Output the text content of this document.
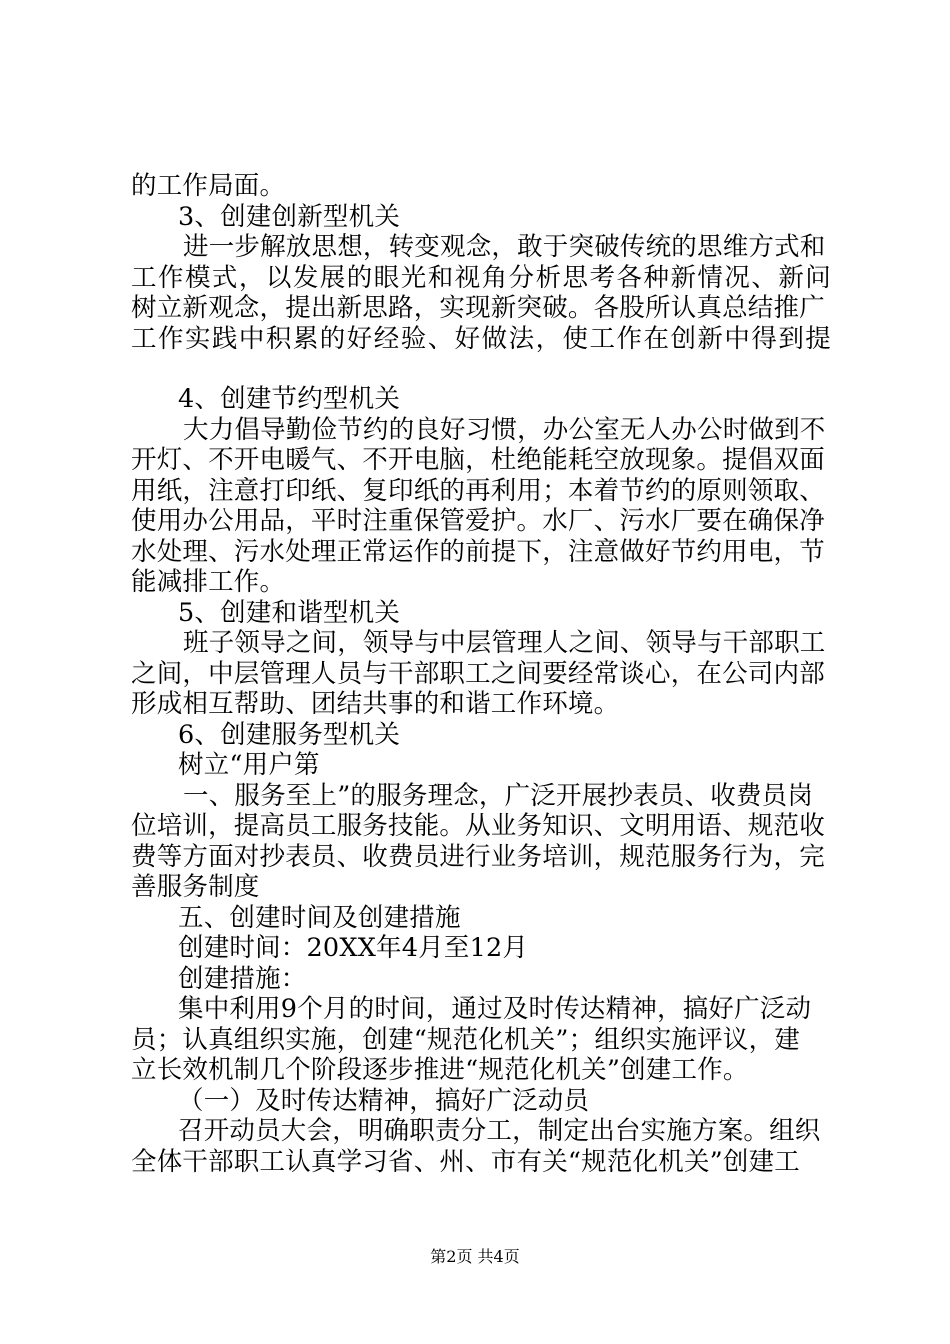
的工作局面。
3、创建创新型机关
进一步解放思想，转变观念，敢于突破传统的思维方式和
工作模式，以发展的眼光和视角分析思考各种新情况、新问
树立新观念，提出新思路，实现新突破。各股所认真总结推广
工作实践中积累的好经验、好做法，使工作在创新中得到提
4、创建节约型机关
大力倡导勤俭节约的良好习惯，办公室无人办公时做到不
开灯、不开电暖气、不开电脑，杜绝能耗空放现象。提倡双面
用纸，注意打印纸、复印纸的再利用；本着节约的原则领取、
使用办公用品，平时注重保管爱护。水厂、污水厂要在确保净
水处理、污水处理正常运作的前提下，注意做好节约用电，节
能减排工作。
5、创建和谐型机关
班子领导之间，领导与中层管理人之间、领导与干部职工
之间，中层管理人员与干部职工之间要经常谈心，在公司内部
形成相互帮助、团结共事的和谐工作环境。
6、创建服务型机关
树立“用户第
一、服务至上”的服务理念，广泛开展抄表员、收费员岗
位培训，提高员工服务技能。从业务知识、文明用语、规范收
费等方面对抄表员、收费员进行业务培训，规范服务行为，完
善服务制度
五、创建时间及创建措施
创建时间：20XX年4月至12月
创建措施：
集中利用9个月的时间，通过及时传达精神，搞好广泛动
员；认真组织实施，创建“规范化机关”；组织实施评议，建
立长效机制几个阶段逐步推进“规范化机关”创建工作。
（一）及时传达精神，搞好广泛动员
召开动员大会，明确职责分工，制定出台实施方案。组织
全体干部职工认真学习省、州、市有关“规范化机关”创建工
第2页 共4页
